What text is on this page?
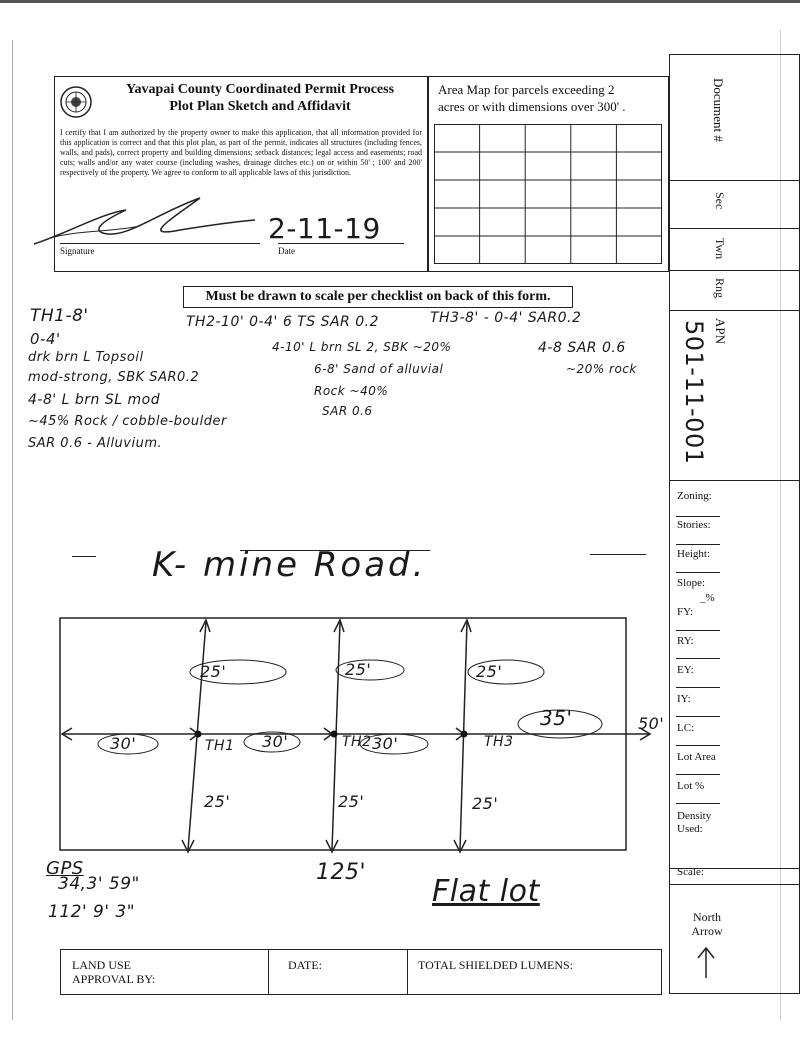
Yavapai County Coordinated Permit Process
Plot Plan Sketch and Affidavit
I certify that I am authorized by the property owner to make this application, that all information provided for this application is correct and that this plot plan, as part of the permit, indicates all structures (including fences, walls, and pads), correct property and building dimensions; setback distances; legal access and easements; road cuts; walls and/or any water course (including washes, drainage ditches etc.) on or within 50' ; 100' and 200' respectively of the property. We agree to conform to all applicable laws of this jurisdiction.
Signature	Date
2-11-19
Area Map for parcels exceeding 2
acres or with dimensions over 300' .	Document #
Sec
Twn
Rng
APN
501-11-001
Zoning:
Stories:
Height:
Slope:
_%
FY:
RY:
EY:
IY:
LC:
Lot Area
Lot %
Density
Used:
Scale:
North
Arrow
Must be drawn to scale per checklist on back of this form.
TH1-8'
0-4'
drk brn L Topsoil
mod-strong, SBK SAR0.2
4-8' L brn SL mod
~45% Rock / cobble-boulder
SAR 0.6 - Alluvium.
TH2-10' 0-4' 6 TS SAR 0.2
4-10' L brn SL 2, SBK ~20%
6-8' Sand of alluvial
Rock ~40%
SAR 0.6
TH3-8' - 0-4' SAR0.2
4-8 SAR 0.6
~20% rock
K- mine Road.
25'	25'	25'
30'	30'	30'
35'
TH1	TH2	TH3
50'
25'	25'	25'
125'
GPS
34,3' 59"
112' 9' 3"
Flat lot
LAND USE
APPROVAL BY:
DATE:	TOTAL SHIELDED LUMENS:
